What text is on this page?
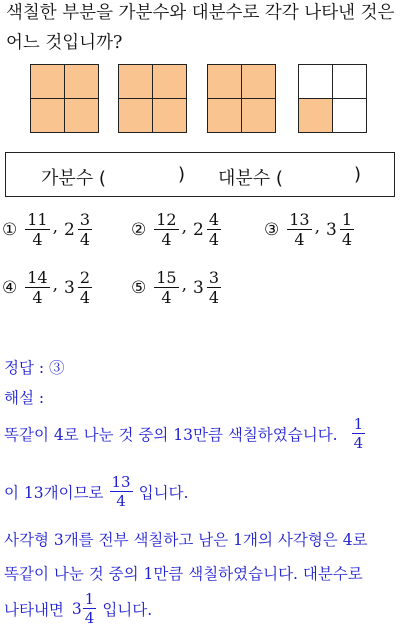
색칠한 부분을 가분수와 대분수로 각각 나타낸 것은
어느 것입니까?
가분수 (	) 대분수 (	)
① $\frac{11}{4}$ , $2 \frac{3}{4}$ ② $\frac{12}{4}$ , $2 \frac{4}{4}$	③ $\frac{13}{4}$ , $3 \frac{1}{4}$
④ $\frac{14}{4}$ , $3 \frac{2}{4}$ ⑤ $\frac{15}{4}$ , $3 \frac{3}{4}$
정답 : ③
해설 :
똑같이 4로 나눈 것 중의 13만큼 색칠하였습니다. $\frac{1}{4}$
이 13개이므로 $\frac{13}{4}$ 입니다.
사각형 3개를 전부 색칠하고 남은 1개의 사각형은 4로
똑같이 나눈 것 중의 1만큼 색칠하였습니다. 대분수로
나타내면 $3 \frac{1}{4}$ 입니다.
